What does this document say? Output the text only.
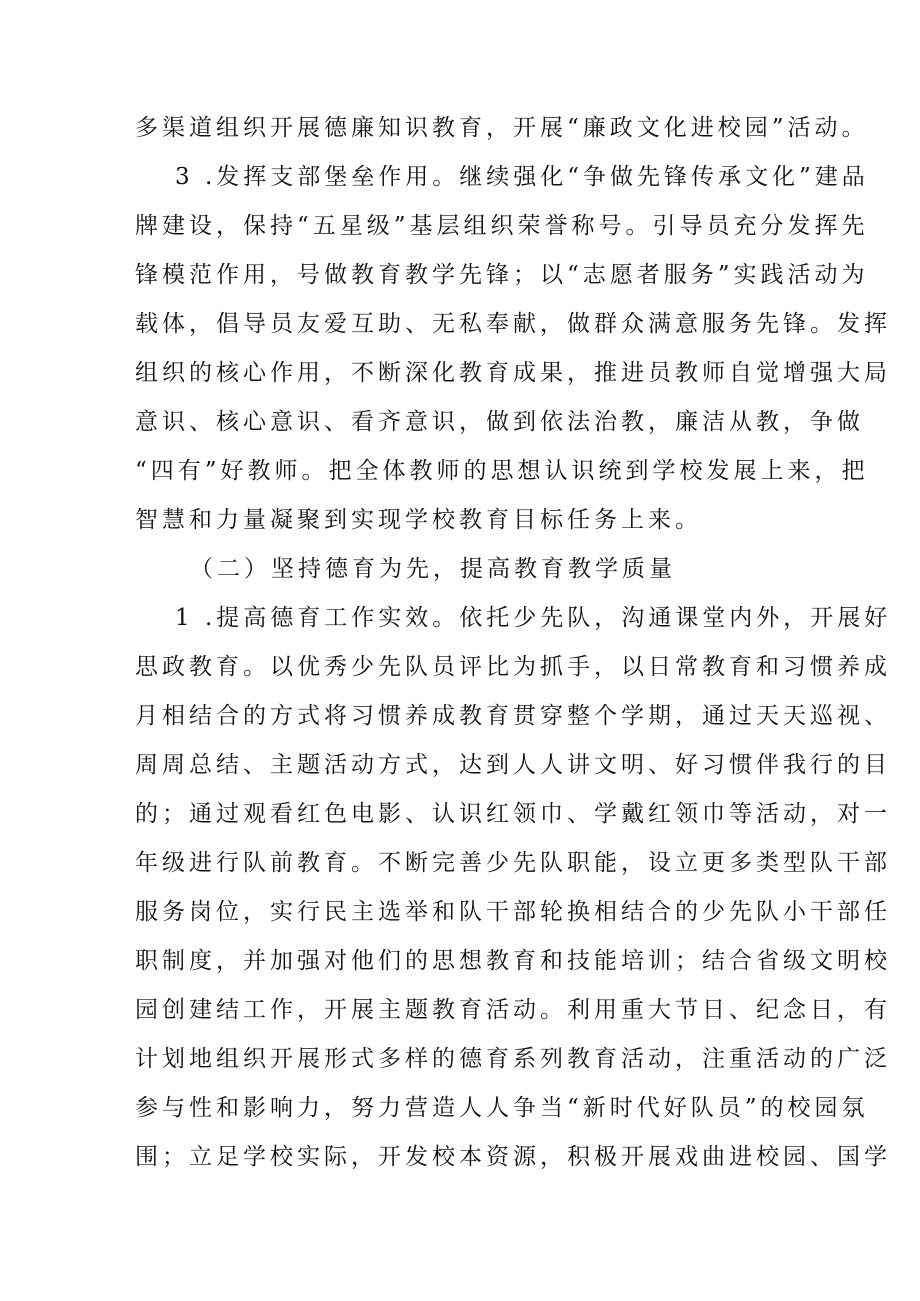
多渠道组织开展德廉知识教育，开展“廉政文化进校园”活动。
3 .发挥支部堡垒作用。继续强化“争做先锋传承文化”建品
牌建设，保持“五星级”基层组织荣誉称号。引导员充分发挥先
锋模范作用，号做教育教学先锋；以“志愿者服务”实践活动为
载体，倡导员友爱互助、无私奉献，做群众满意服务先锋。发挥
组织的核心作用，不断深化教育成果，推进员教师自觉增强大局
意识、核心意识、看齐意识，做到依法治教，廉洁从教，争做
“四有”好教师。把全体教师的思想认识统到学校发展上来，把
智慧和力量凝聚到实现学校教育目标任务上来。
（二）坚持德育为先，提高教育教学质量
1 .提高德育工作实效。依托少先队，沟通课堂内外，开展好
思政教育。以优秀少先队员评比为抓手，以日常教育和习惯养成
月相结合的方式将习惯养成教育贯穿整个学期，通过天天巡视、
周周总结、主题活动方式，达到人人讲文明、好习惯伴我行的目
的；通过观看红色电影、认识红领巾、学戴红领巾等活动，对一
年级进行队前教育。不断完善少先队职能，设立更多类型队干部
服务岗位，实行民主选举和队干部轮换相结合的少先队小干部任
职制度，并加强对他们的思想教育和技能培训；结合省级文明校
园创建结工作，开展主题教育活动。利用重大节日、纪念日，有
计划地组织开展形式多样的德育系列教育活动，注重活动的广泛
参与性和影响力，努力营造人人争当“新时代好队员”的校园氛
围；立足学校实际，开发校本资源，积极开展戏曲进校园、国学
